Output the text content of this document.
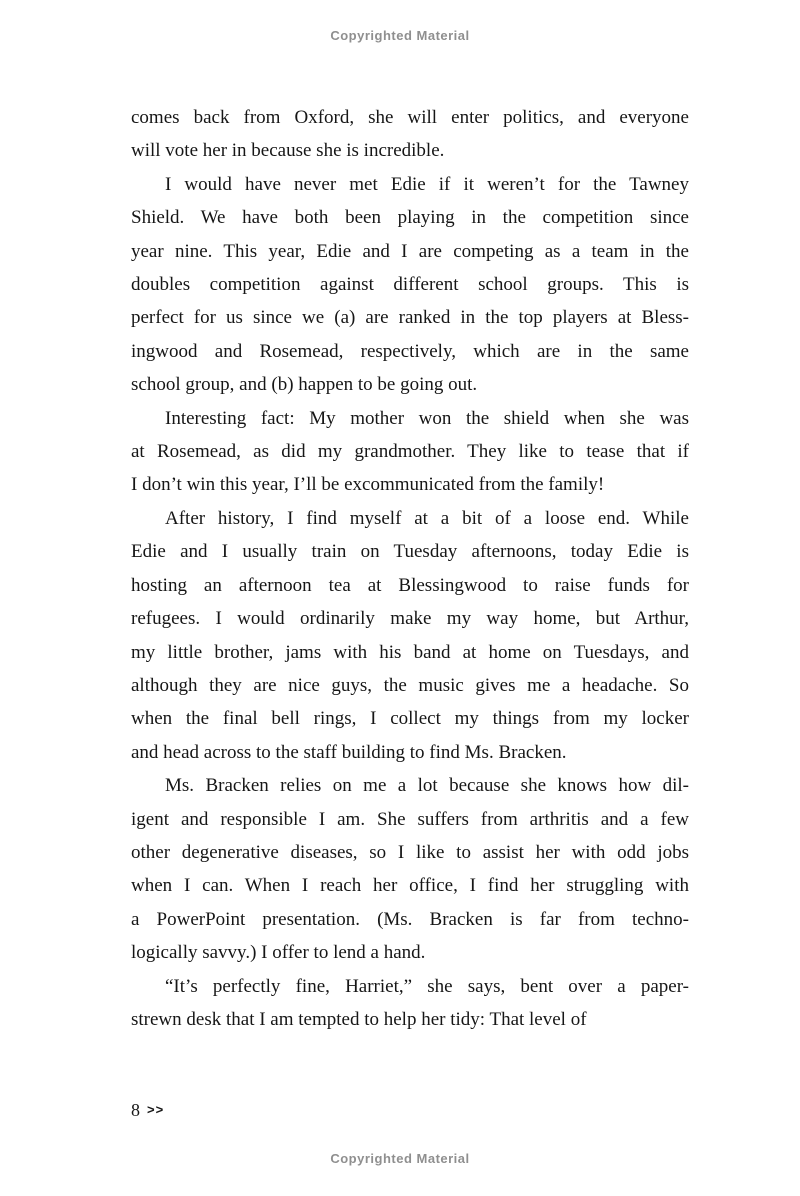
Copyrighted Material
comes back from Oxford, she will enter politics, and everyone
will vote her in because she is incredible.
I would have never met Edie if it weren’t for the Tawney
Shield. We have both been playing in the competition since
year nine. This year, Edie and I are competing as a team in the
doubles competition against different school groups. This is
perfect for us since we (a) are ranked in the top players at Bless-
ingwood and Rosemead, respectively, which are in the same
school group, and (b) happen to be going out.
Interesting fact: My mother won the shield when she was
at Rosemead, as did my grandmother. They like to tease that if
I don’t win this year, I’ll be excommunicated from the family!
After history, I find myself at a bit of a loose end. While
Edie and I usually train on Tuesday afternoons, today Edie is
hosting an afternoon tea at Blessingwood to raise funds for
refugees. I would ordinarily make my way home, but Arthur,
my little brother, jams with his band at home on Tuesdays, and
although they are nice guys, the music gives me a headache. So
when the final bell rings, I collect my things from my locker
and head across to the staff building to find Ms. Bracken.
Ms. Bracken relies on me a lot because she knows how dil-
igent and responsible I am. She suffers from arthritis and a few
other degenerative diseases, so I like to assist her with odd jobs
when I can. When I reach her office, I find her struggling with
a PowerPoint presentation. (Ms. Bracken is far from techno-
logically savvy.) I offer to lend a hand.
“It’s perfectly fine, Harriet,” she says, bent over a paper-
strewn desk that I am tempted to help her tidy: That level of
8 >>
Copyrighted Material
